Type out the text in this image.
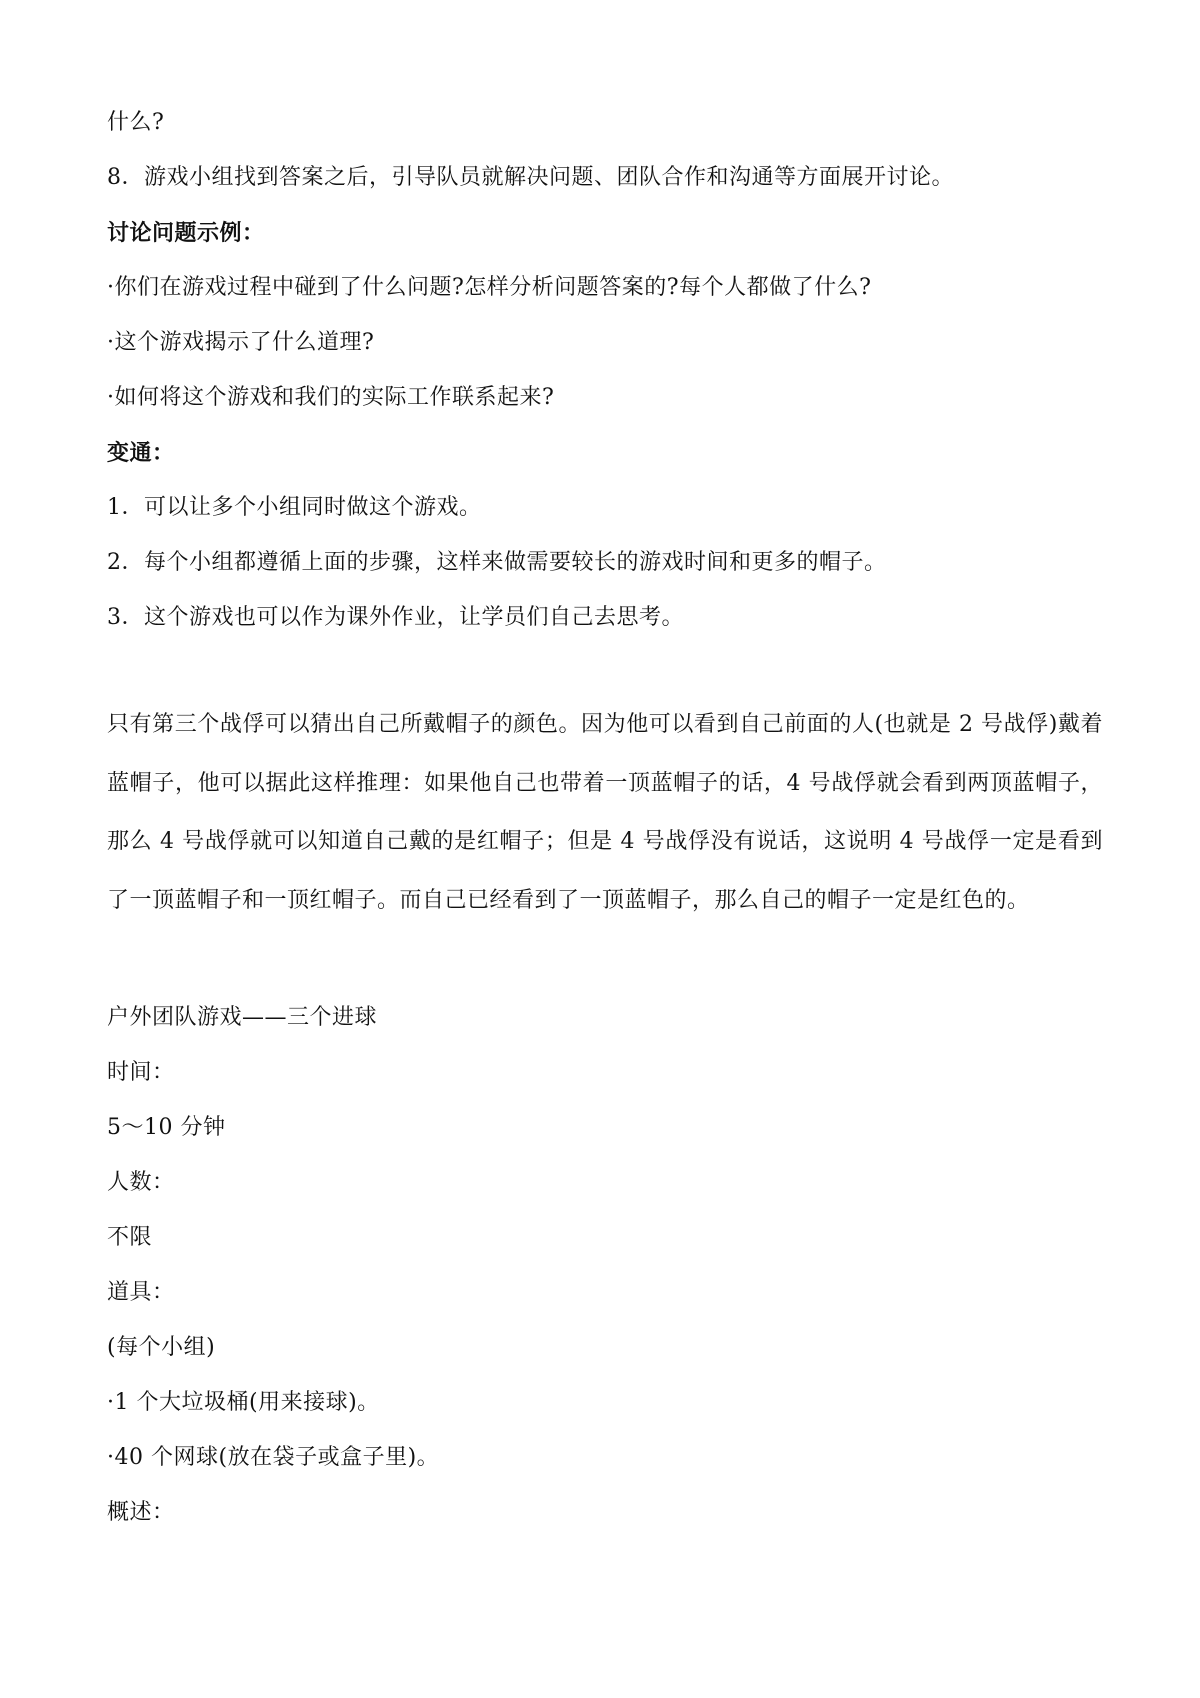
什么?
8．游戏小组找到答案之后，引导队员就解决问题、团队合作和沟通等方面展开讨论。
讨论问题示例：
·你们在游戏过程中碰到了什么问题?怎样分析问题答案的?每个人都做了什么?
·这个游戏揭示了什么道理?
·如何将这个游戏和我们的实际工作联系起来?
变通：
1．可以让多个小组同时做这个游戏。
2．每个小组都遵循上面的步骤，这样来做需要较长的游戏时间和更多的帽子。
3．这个游戏也可以作为课外作业，让学员们自己去思考。
只有第三个战俘可以猜出自己所戴帽子的颜色。因为他可以看到自己前面的人(也就是 2 号战俘)戴着蓝帽子，他可以据此这样推理：如果他自己也带着一顶蓝帽子的话，4 号战俘就会看到两顶蓝帽子，那么 4 号战俘就可以知道自己戴的是红帽子；但是 4 号战俘没有说话，这说明 4 号战俘一定是看到了一顶蓝帽子和一顶红帽子。而自己已经看到了一顶蓝帽子，那么自己的帽子一定是红色的。
户外团队游戏——三个进球
时间：
5～10 分钟
人数：
不限
道具：
(每个小组)
·1 个大垃圾桶(用来接球)。
·40 个网球(放在袋子或盒子里)。
概述：
